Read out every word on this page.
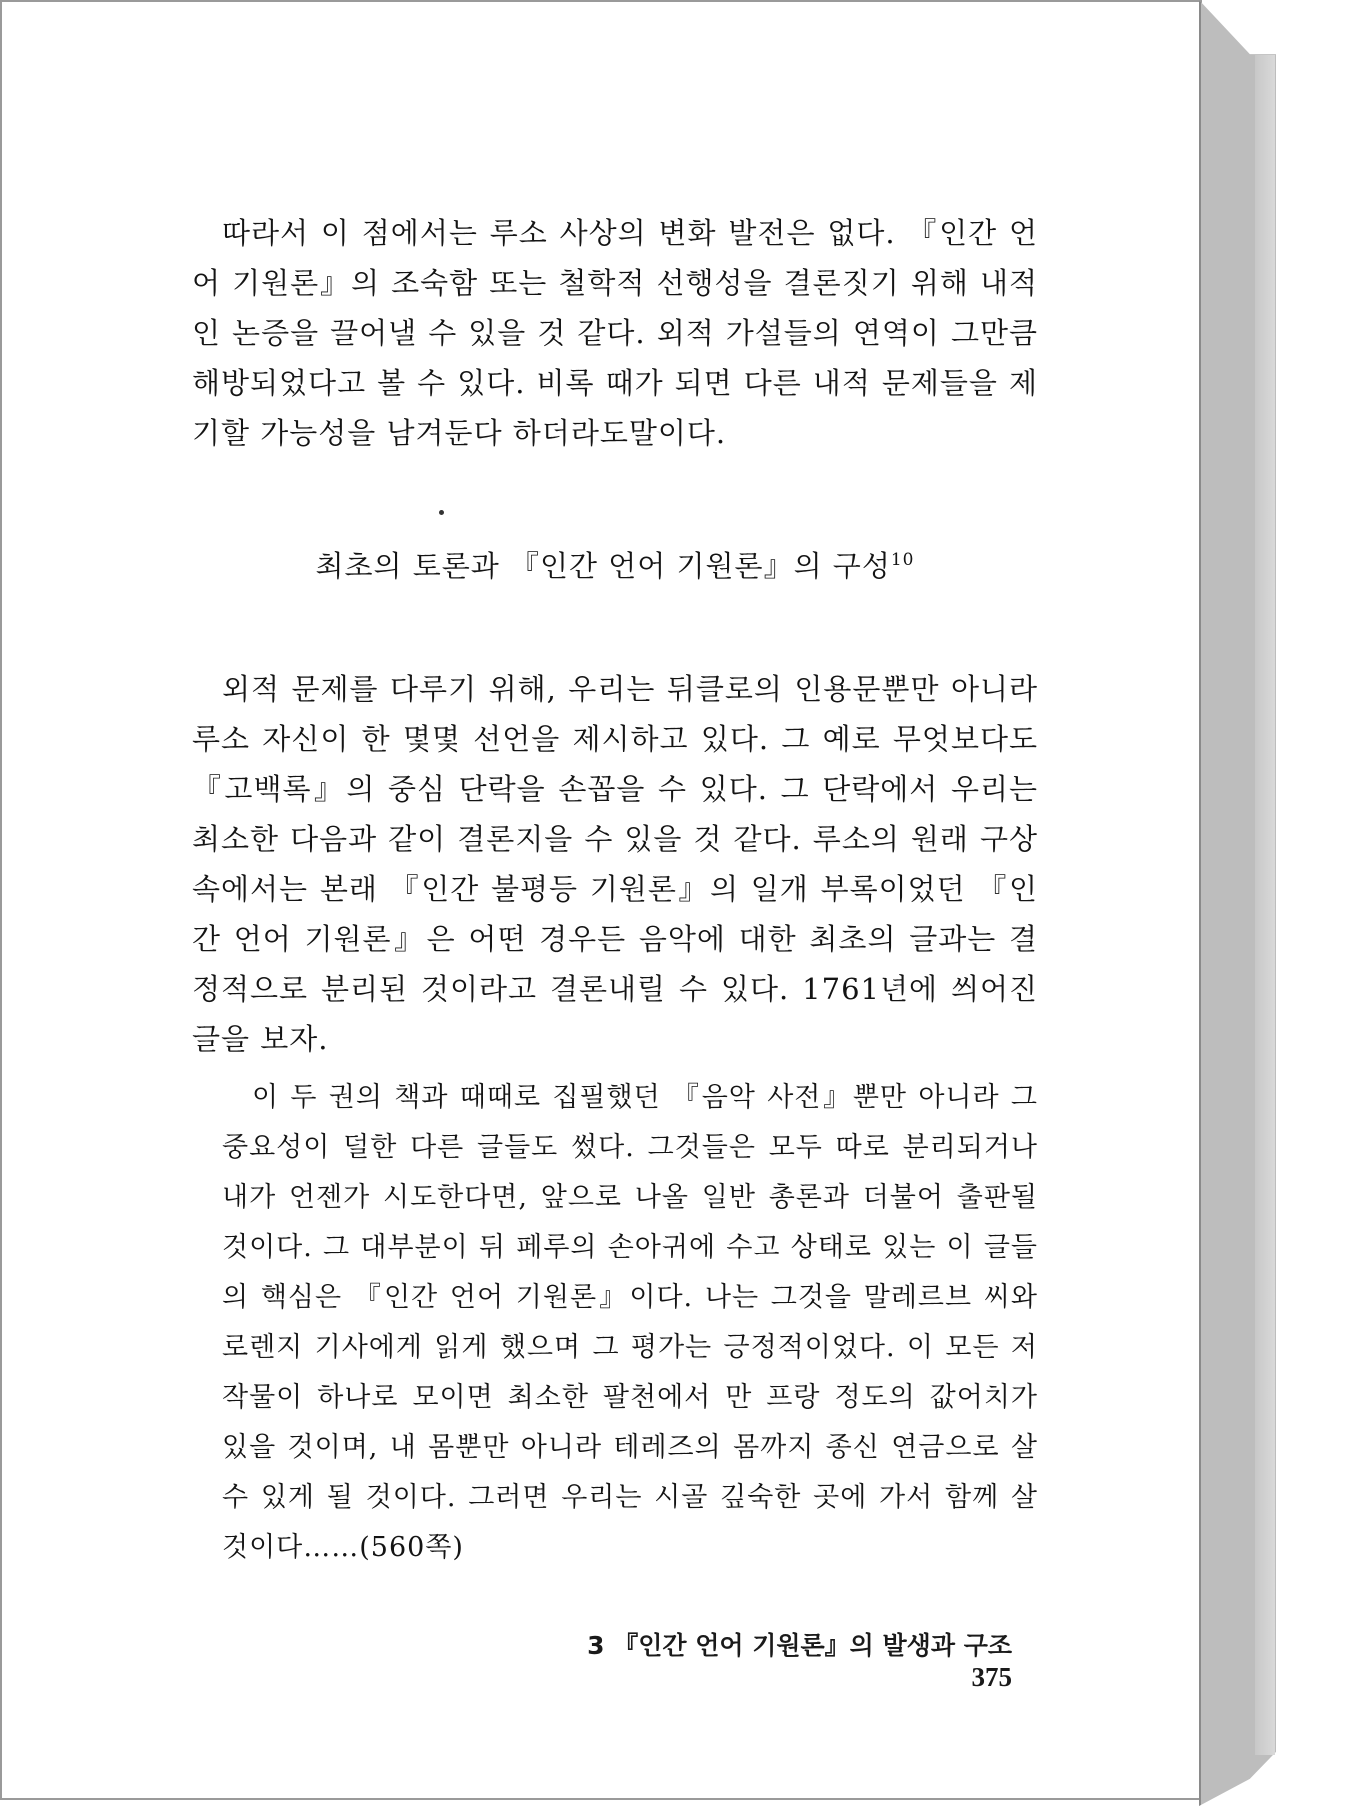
따라서 이 점에서는 루소 사상의 변화 발전은 없다. 『인간 언어 기원론』의 조숙함 또는 철학적 선행성을 결론짓기 위해 내적인 논증을 끌어낼 수 있을 것 같다. 외적 가설들의 연역이 그만큼 해방되었다고 볼 수 있다. 비록 때가 되면 다른 내적 문제들을 제기할 가능성을 남겨둔다 하더라도말이다.

최초의 토론과 『인간 언어 기원론』의 구성$^{10}$

외적 문제를 다루기 위해, 우리는 뒤클로의 인용문뿐만 아니라 루소 자신이 한 몇몇 선언을 제시하고 있다. 그 예로 무엇보다도 『고백록』의 중심 단락을 손꼽을 수 있다. 그 단락에서 우리는 최소한 다음과 같이 결론지을 수 있을 것 같다. 루소의 원래 구상 속에서는 본래 『인간 불평등 기원론』의 일개 부록이었던 『인간 언어 기원론』은 어떤 경우든 음악에 대한 최초의 글과는 결정적으로 분리된 것이라고 결론내릴 수 있다. 1761년에 씌어진 글을 보자.

이 두 권의 책과 때때로 집필했던 『음악 사전』뿐만 아니라 그 중요성이 덜한 다른 글들도 썼다. 그것들은 모두 따로 분리되거나 내가 언젠가 시도한다면, 앞으로 나올 일반 총론과 더불어 출판될 것이다. 그 대부분이 뒤 페루의 손아귀에 수고 상태로 있는 이 글들의 핵심은 『인간 언어 기원론』이다. 나는 그것을 말레르브 씨와 로렌지 기사에게 읽게 했으며 그 평가는 긍정적이었다. 이 모든 저작물이 하나로 모이면 최소한 팔천에서 만 프랑 정도의 값어치가 있을 것이며, 내 몸뿐만 아니라 테레즈의 몸까지 종신 연금으로 살 수 있게 될 것이다. 그러면 우리는 시골 깊숙한 곳에 가서 함께 살 것이다……(560쪽)

3 『인간 언어 기원론』의 발생과 구조375
